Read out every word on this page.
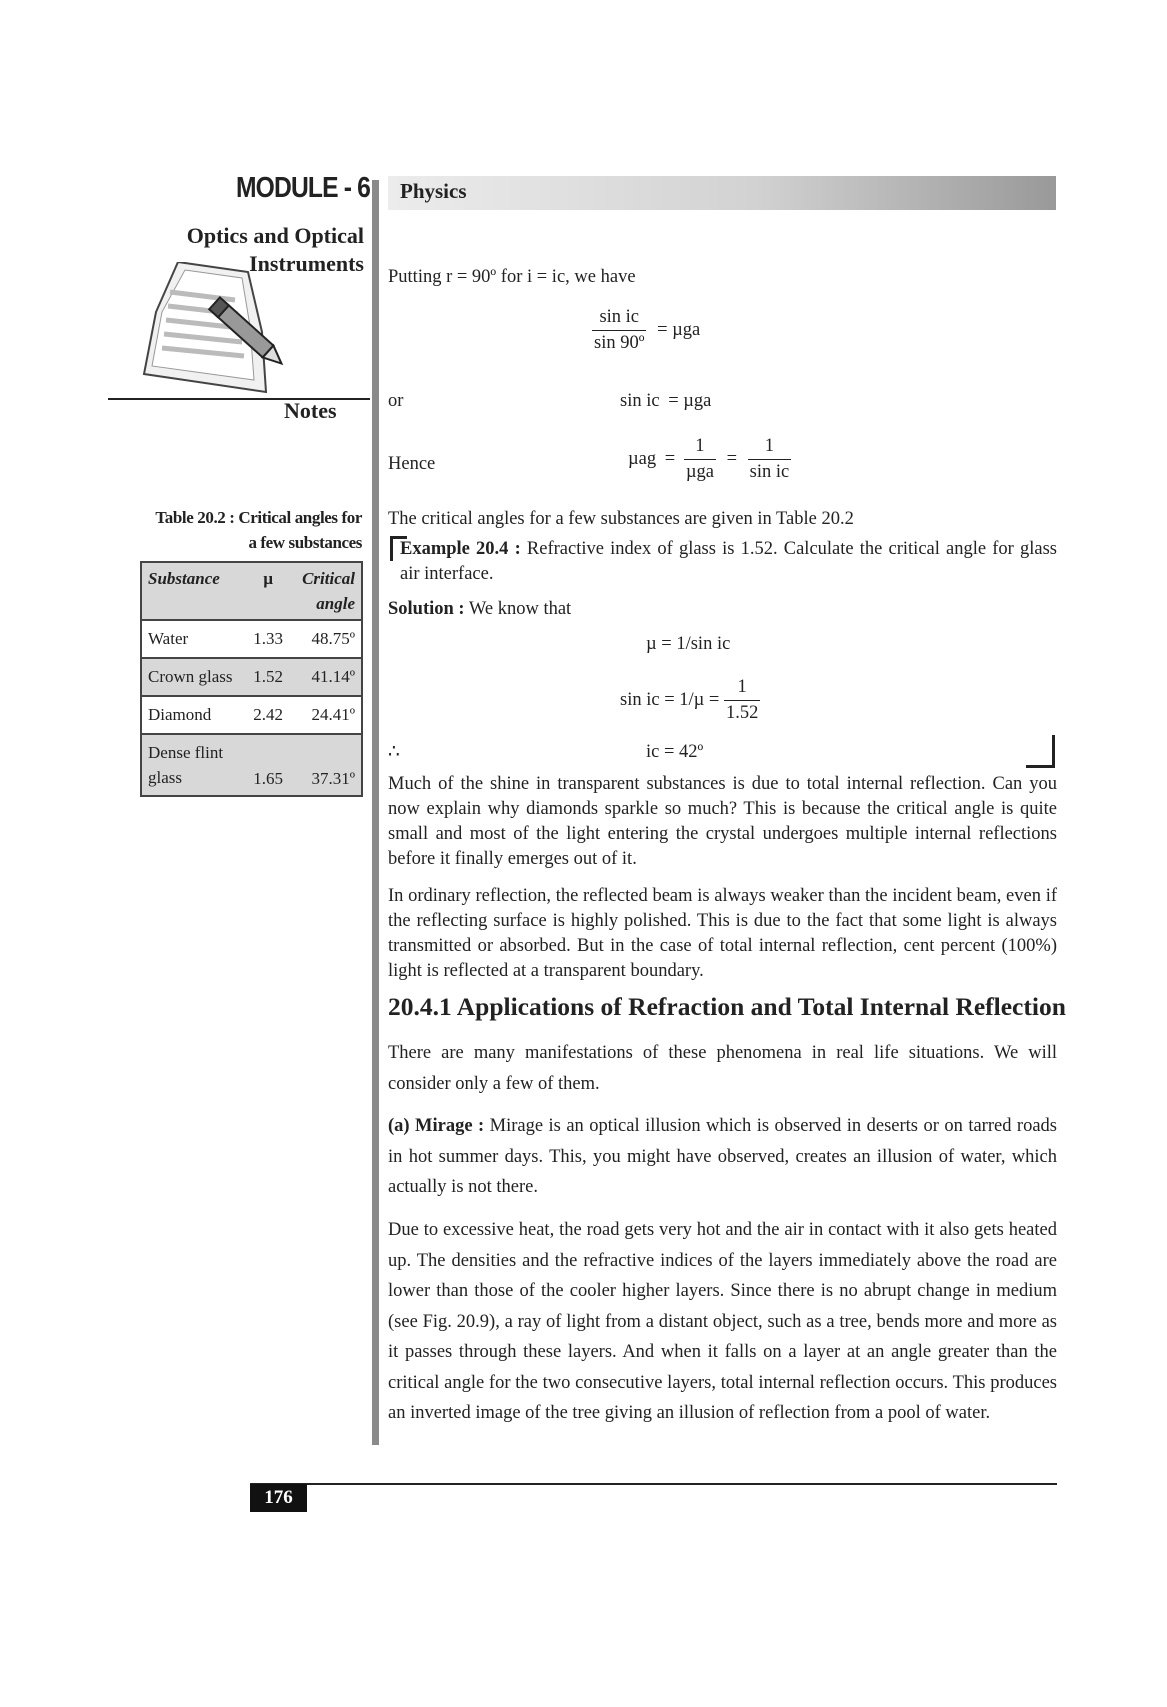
MODULE - 6
Optics and Optical
Instruments
Notes
Table 20.2 : Critical angles for
a few substances
Substance	µ	Critical angle
Water	1.33	48.75º
Crown glass	1.52	41.14º
Diamond	2.42	24.41º
Dense flint glass	1.65	37.31º
Physics
Putting r = 90º for i = ic, we have
$\frac{\text{sin ic}}{\text{sin 90º}} = \mu ga$
or	sin ic = µga
Hence	$\mu ag = \frac{1}{\text{µga}} = \frac{1}{\text{sin ic}}$
The critical angles for a few substances are given in Table 20.2
Example 20.4 : Refractive index of glass is 1.52. Calculate the critical angle for glass air interface.
Solution : We know that
µ = 1/sin ic
sin ic = $1/\mu = \frac{1}{1.52}$
∴	ic = 42º
Much of the shine in transparent substances is due to total internal reflection. Can you now explain why diamonds sparkle so much? This is because the critical angle is quite small and most of the light entering the crystal undergoes multiple internal reflections before it finally emerges out of it.
In ordinary reflection, the reflected beam is always weaker than the incident beam, even if the reflecting surface is highly polished. This is due to the fact that some light is always transmitted or absorbed. But in the case of total internal reflection, cent percent (100%) light is reflected at a transparent boundary.
20.4.1 Applications of Refraction and Total Internal Reflection
There are many manifestations of these phenomena in real life situations. We will consider only a few of them.
(a) Mirage : Mirage is an optical illusion which is observed in deserts or on tarred roads in hot summer days. This, you might have observed, creates an illusion of water, which actually is not there.
Due to excessive heat, the road gets very hot and the air in contact with it also gets heated up. The densities and the refractive indices of the layers immediately above the road are lower than those of the cooler higher layers. Since there is no abrupt change in medium (see Fig. 20.9), a ray of light from a distant object, such as a tree, bends more and more as it passes through these layers. And when it falls on a layer at an angle greater than the critical angle for the two consecutive layers, total internal reflection occurs. This produces an inverted image of the tree giving an illusion of reflection from a pool of water.
176
